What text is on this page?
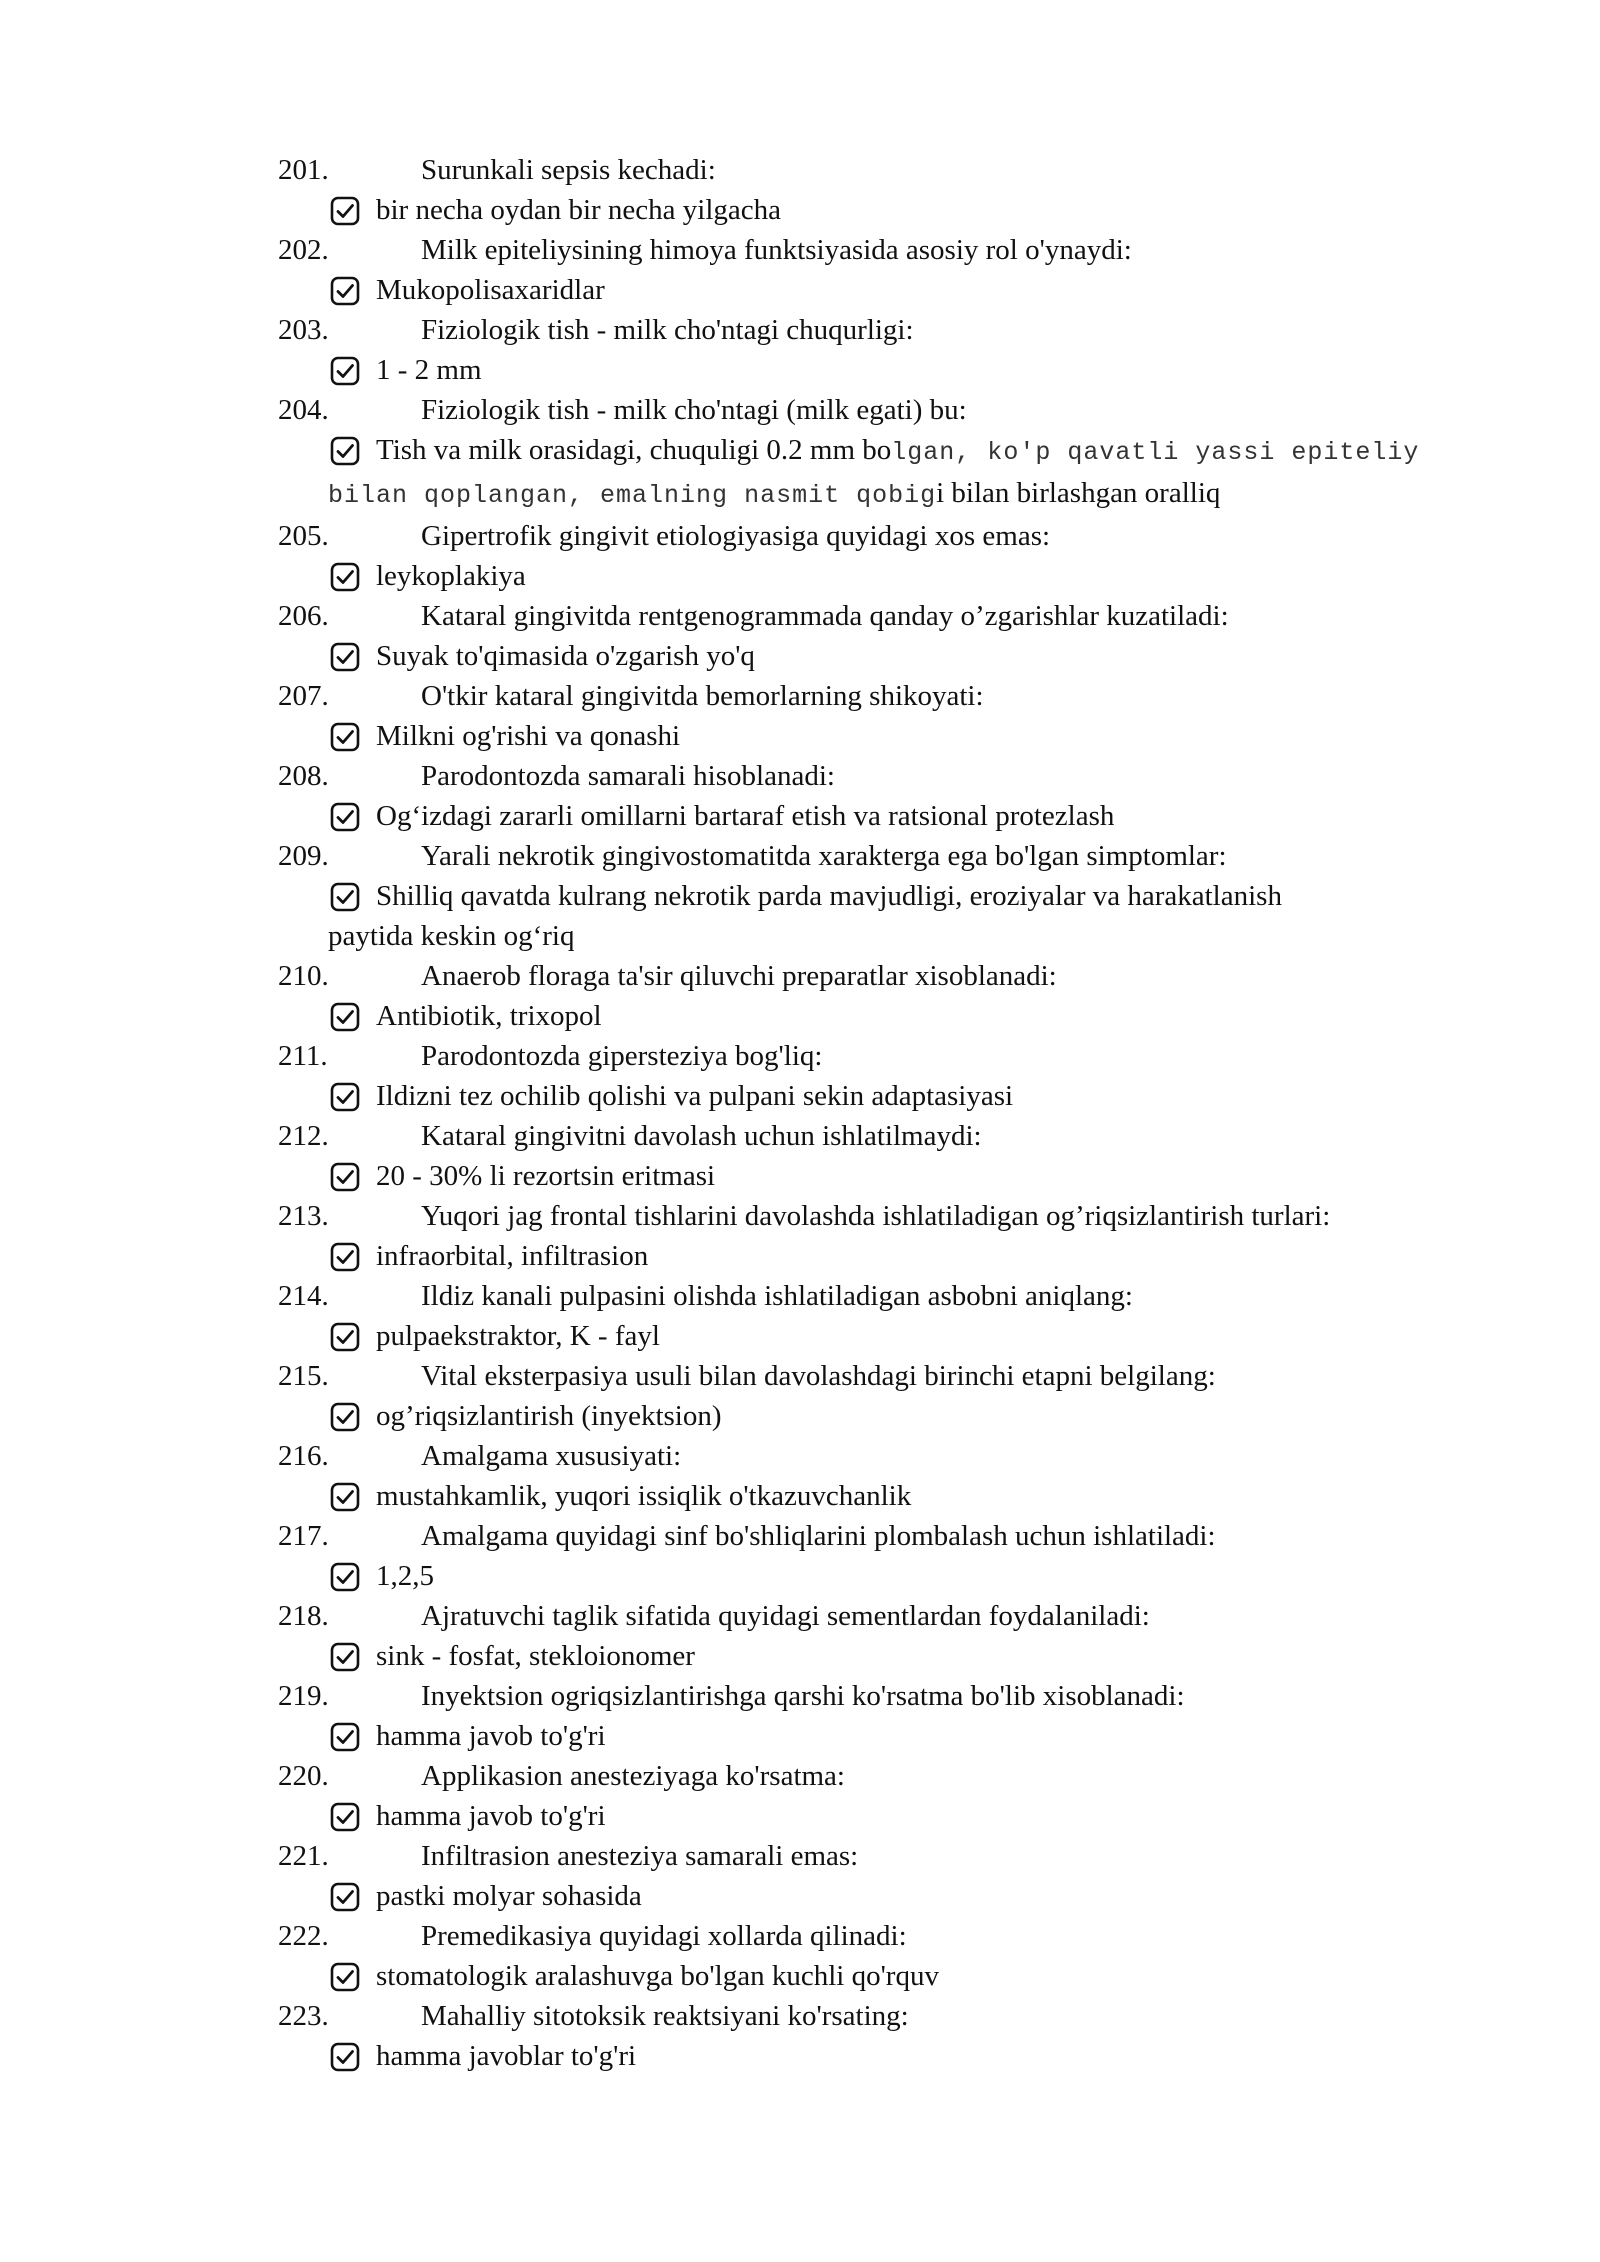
201.	Surunkali sepsis kechadi:
bir necha oydan bir necha yilgacha
202.	Milk epiteliysining himoya funktsiyasida asosiy rol o'ynaydi:
Mukopolisaxaridlar
203.	Fiziologik tish - milk cho'ntagi chuqurligi:
1 - 2 mm
204.	Fiziologik tish - milk cho'ntagi (milk egati) bu:
Tish va milk orasidagi, chuquligi 0.2 mm bolgan, ko'p qavatli yassi epiteliy
bilan qoplangan, emalning nasmit qobigi bilan birlashgan oralliq
205.	Gipertrofik gingivit etiologiyasiga quyidagi xos emas:
leykoplakiya
206.	Kataral gingivitda rentgenogrammada qanday o’zgarishlar kuzatiladi:
Suyak to'qimasida o'zgarish yo'q
207.	O'tkir kataral gingivitda bemorlarning shikoyati:
Milkni og'rishi va qonashi
208.	Parodontozda samarali hisoblanadi:
Og‘izdagi zararli omillarni bartaraf etish va ratsional protezlash
209.	Yarali nekrotik gingivostomatitda xarakterga ega bo'lgan simptomlar:
Shilliq qavatda kulrang nekrotik parda mavjudligi, eroziyalar va harakatlanish
paytida keskin og‘riq
210.	Anaerob floraga ta'sir qiluvchi preparatlar xisoblanadi:
Antibiotik, trixopol
211.	Parodontozda gipersteziya bog'liq:
Ildizni tez ochilib qolishi va pulpani sekin adaptasiyasi
212.	Kataral gingivitni davolash uchun ishlatilmaydi:
20 - 30% li rezortsin eritmasi
213.	Yuqori jag frontal tishlarini davolashda ishlatiladigan og’riqsizlantirish turlari:
infraorbital, infiltrasion
214.	Ildiz kanali pulpasini olishda ishlatiladigan asbobni aniqlang:
pulpaekstraktor, K - fayl
215.	Vital eksterpasiya usuli bilan davolashdagi birinchi etapni belgilang:
og’riqsizlantirish (inyektsion)
216.	Amalgama xususiyati:
mustahkamlik, yuqori issiqlik o'tkazuvchanlik
217.	Amalgama quyidagi sinf bo'shliqlarini plombalash uchun ishlatiladi:
1,2,5
218.	Ajratuvchi taglik sifatida quyidagi sementlardan foydalaniladi:
sink - fosfat, stekloionomer
219.	Inyektsion ogriqsizlantirishga qarshi ko'rsatma bo'lib xisoblanadi:
hamma javob to'g'ri
220.	Applikasion anesteziyaga ko'rsatma:
hamma javob to'g'ri
221.	Infiltrasion anesteziya samarali emas:
pastki molyar sohasida
222.	Premedikasiya quyidagi xollarda qilinadi:
stomatologik aralashuvga bo'lgan kuchli qo'rquv
223.	Mahalliy sitotoksik reaktsiyani ko'rsating:
hamma javoblar to'g'ri
